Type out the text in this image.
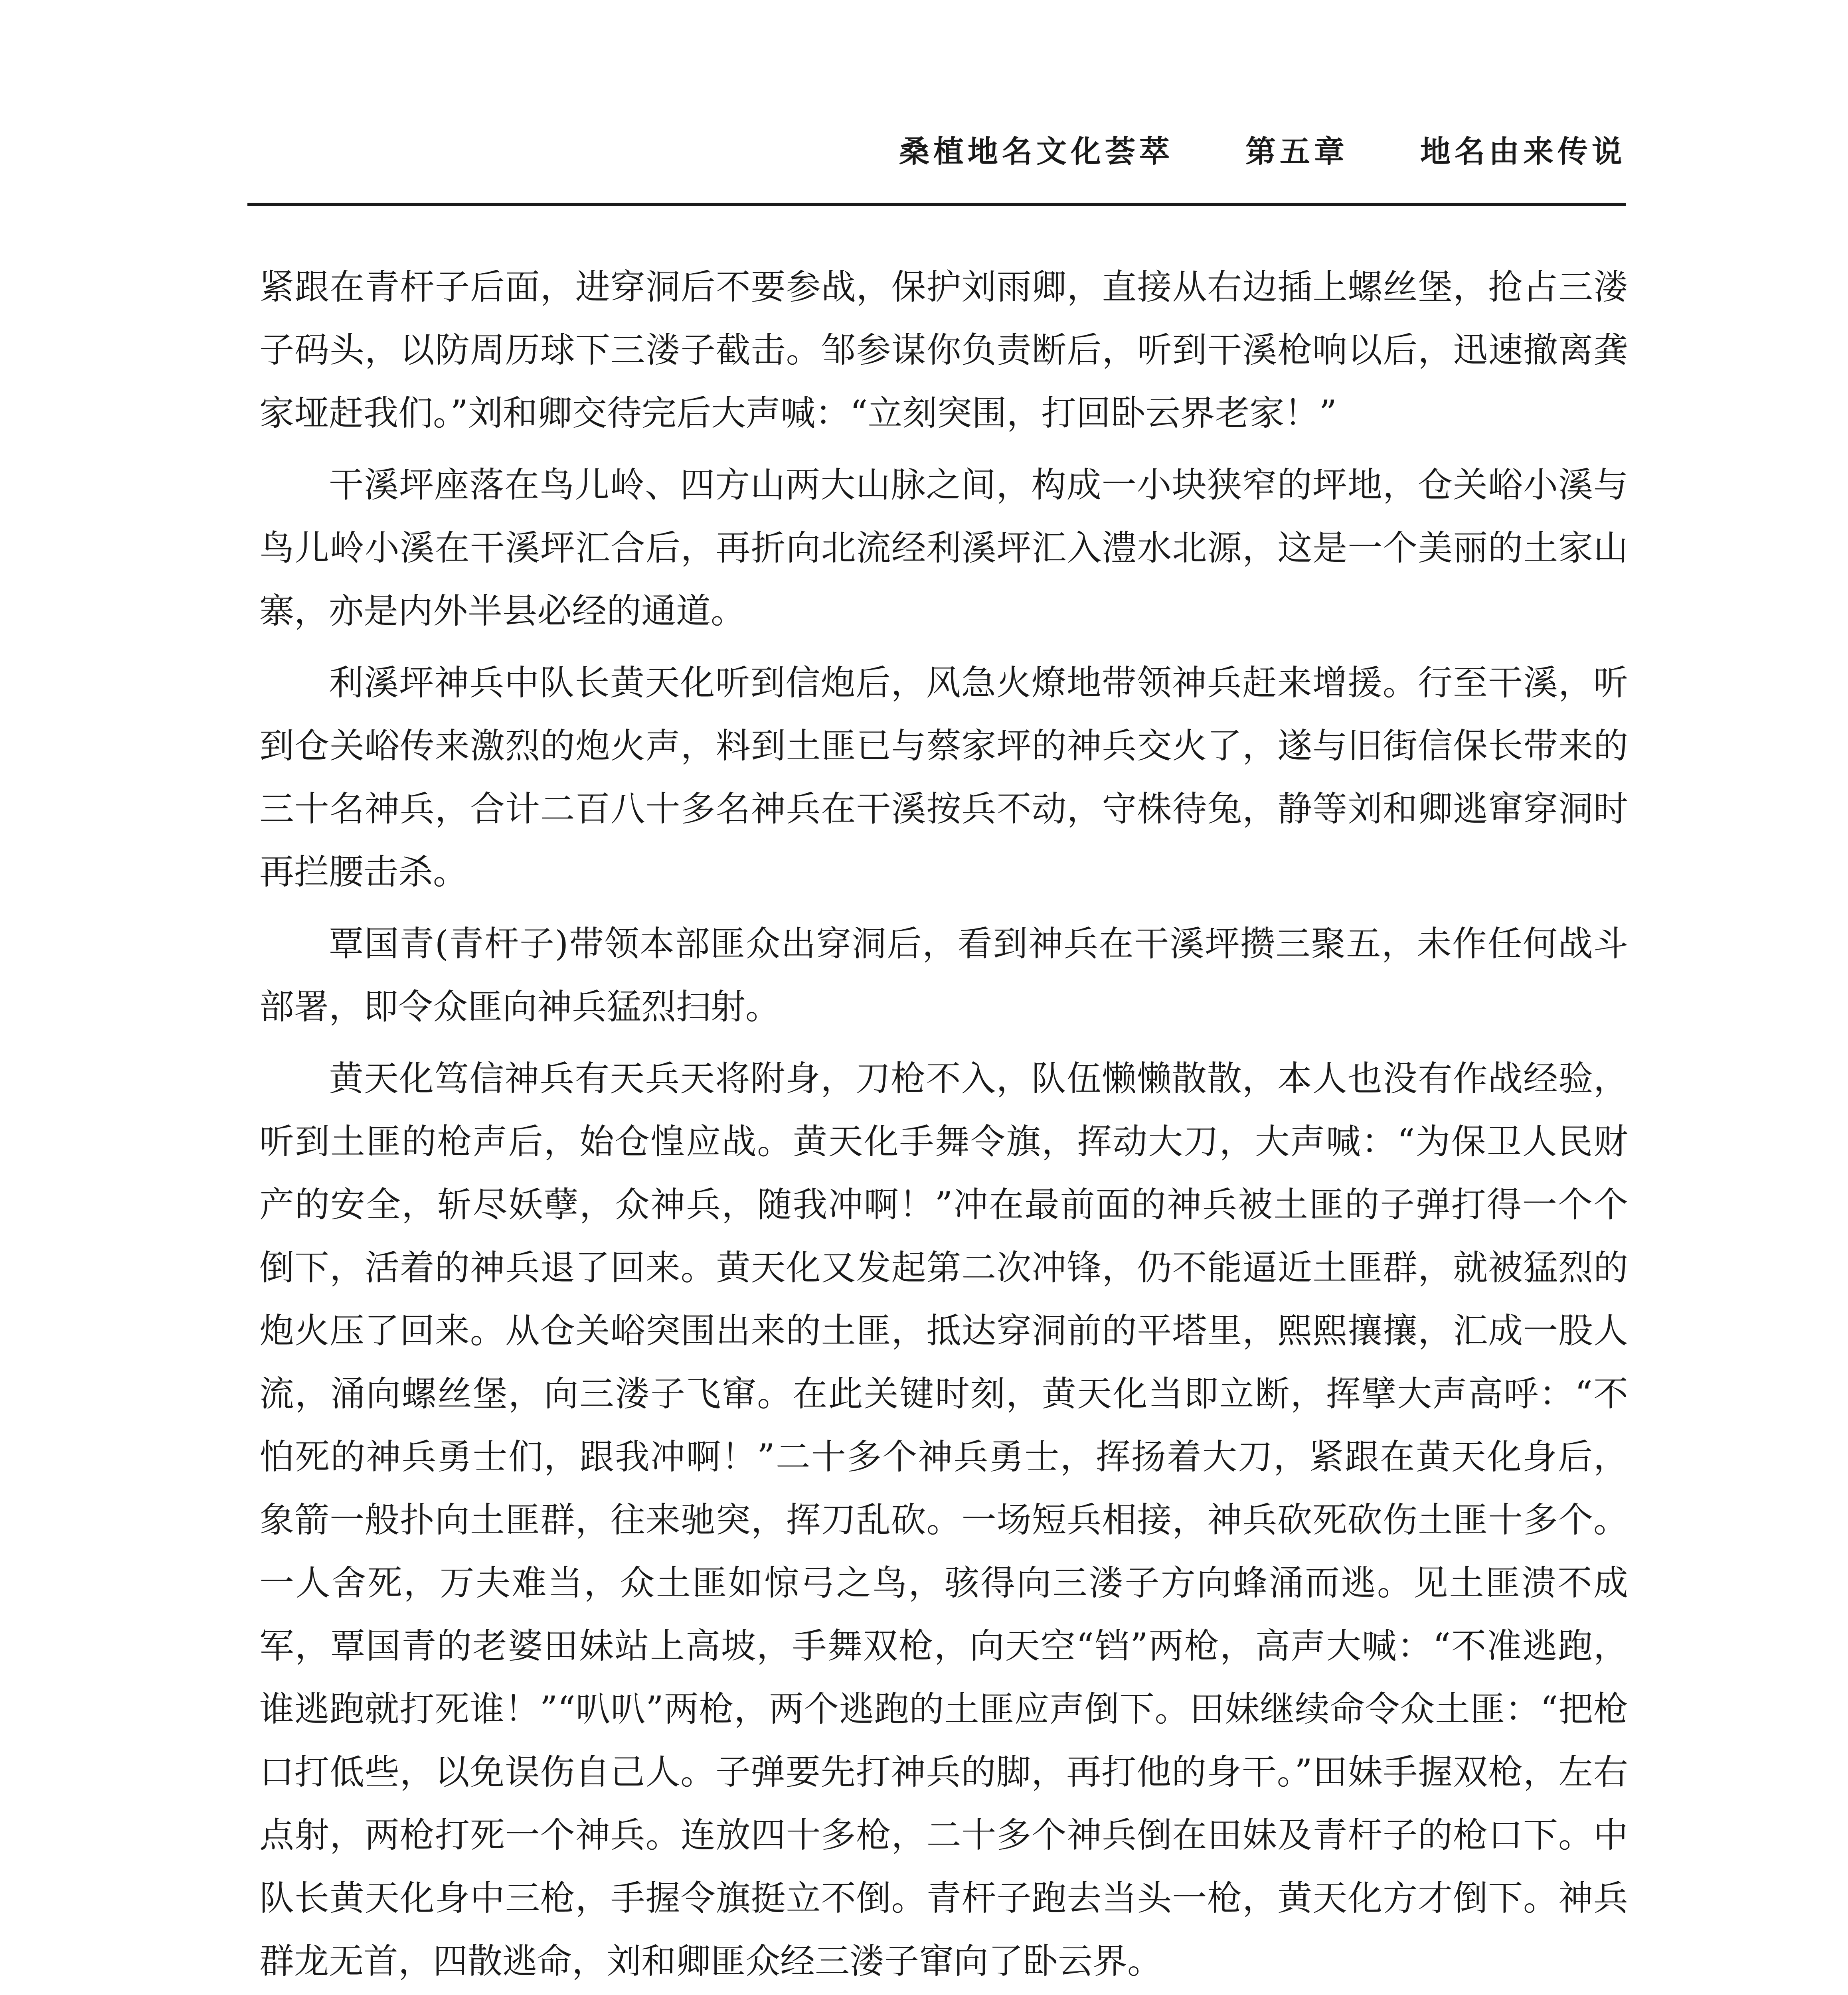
桑植地名文化荟萃 第五章 地名由来传说

紧跟在青杆子后面，进穿洞后不要参战，保护刘雨卿，直接从右边插上螺丝堡，抢占三溇子码头，以防周历球下三溇子截击。邹参谋你负责断后，听到干溪枪响以后，迅速撤离龚家垭赶我们。”刘和卿交待完后大声喊：“立刻突围，打回卧云界老家！”

干溪坪座落在鸟儿岭、四方山两大山脉之间，构成一小块狭窄的坪地，仓关峪小溪与鸟儿岭小溪在干溪坪汇合后，再折向北流经利溪坪汇入澧水北源，这是一个美丽的土家山寨，亦是内外半县必经的通道。

利溪坪神兵中队长黄天化听到信炮后，风急火燎地带领神兵赶来增援。行至干溪，听到仓关峪传来激烈的炮火声，料到土匪已与蔡家坪的神兵交火了，遂与旧街信保长带来的三十名神兵，合计二百八十多名神兵在干溪按兵不动，守株待兔，静等刘和卿逃窜穿洞时再拦腰击杀。

覃国青(青杆子)带领本部匪众出穿洞后，看到神兵在干溪坪攒三聚五，未作任何战斗部署，即令众匪向神兵猛烈扫射。

黄天化笃信神兵有天兵天将附身，刀枪不入，队伍懒懒散散，本人也没有作战经验，听到土匪的枪声后，始仓惶应战。黄天化手舞令旗，挥动大刀，大声喊：“为保卫人民财产的安全，斩尽妖孽，众神兵，随我冲啊！”冲在最前面的神兵被土匪的子弹打得一个个倒下，活着的神兵退了回来。黄天化又发起第二次冲锋，仍不能逼近土匪群，就被猛烈的炮火压了回来。从仓关峪突围出来的土匪，抵达穿洞前的平塔里，熙熙攘攘，汇成一股人流，涌向螺丝堡，向三溇子飞窜。在此关键时刻，黄天化当即立断，挥擘大声高呼：“不怕死的神兵勇士们，跟我冲啊！”二十多个神兵勇士，挥扬着大刀，紧跟在黄天化身后，象箭一般扑向土匪群，往来驰突，挥刀乱砍。一场短兵相接，神兵砍死砍伤土匪十多个。一人舍死，万夫难当，众土匪如惊弓之鸟，骇得向三溇子方向蜂涌而逃。见土匪溃不成军，覃国青的老婆田妹站上高坡，手舞双枪，向天空“铛”两枪，高声大喊：“不准逃跑，谁逃跑就打死谁！”“叭叭”两枪，两个逃跑的土匪应声倒下。田妹继续命令众土匪：“把枪口打低些，以免误伤自己人。子弹要先打神兵的脚，再打他的身干。”田妹手握双枪，左右点射，两枪打死一个神兵。连放四十多枪，二十多个神兵倒在田妹及青杆子的枪口下。中队长黄天化身中三枪，手握令旗挺立不倒。青杆子跑去当头一枪，黄天化方才倒下。神兵群龙无首，四散逃命，刘和卿匪众经三溇子窜向了卧云界。
